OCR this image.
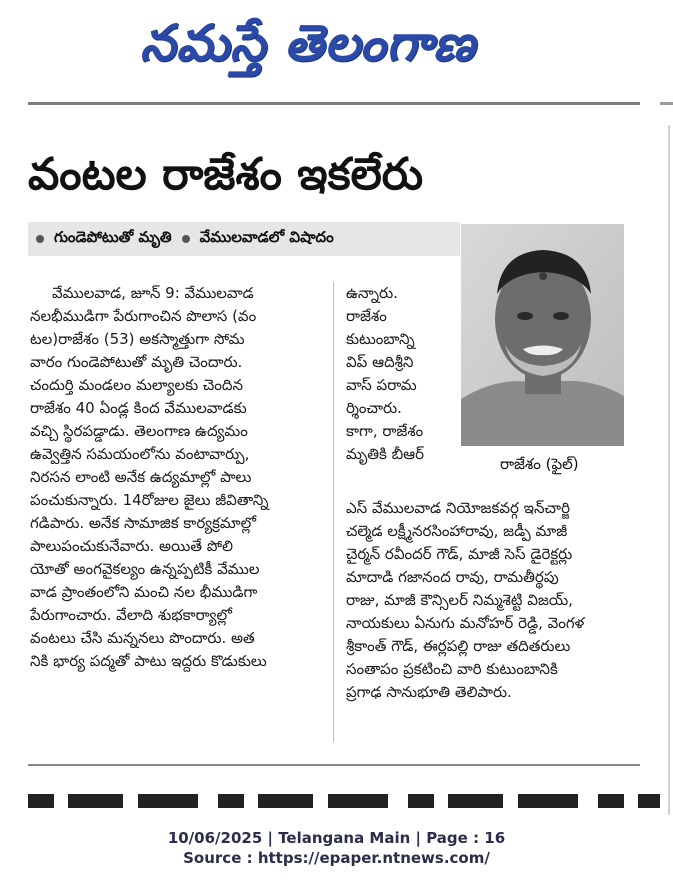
నమస్తే తెలంగాణ
వంటల రాజేశం ఇకలేరు
గుండెపోటుతో మృతి వేములవాడలో విషాదం
రాజేశం (ఫైల్)
వేములవాడ, జూన్ 9: వేములవాడ
నలభీముడిగా పేరుగాంచిన పొలాస (వం
టల)రాజేశం (53) అకస్మాత్తుగా సోమ
వారం గుండెపోటుతో మృతి చెందారు.
చందుర్తి మండలం మల్యాలకు చెందిన
రాజేశం 40 ఏండ్ల కింద వేములవాడకు
వచ్చి స్థిరపడ్డాడు. తెలంగాణ ఉద్యమం
ఉవ్వెత్తిన సమయంలోను వంటావార్పు,
నిరసన లాంటి అనేక ఉద్యమాల్లో పాలు
పంచుకున్నారు. 14రోజుల జైలు జీవితాన్ని
గడిపారు. అనేక సామాజిక కార్యక్రమాల్లో
పాలుపంచుకునేవారు. అయితే పోలి
యోతో అంగవైకల్యం ఉన్నప్పటికీ వేముల
వాడ ప్రాంతంలోని మంచి నల భీముడిగా
పేరుగాంచారు. వేలాది శుభకార్యాల్లో
వంటలు చేసి మన్ననలు పొందారు. అత
నికి భార్య పద్మతో పాటు ఇద్దరు కొడుకులు
ఉన్నారు.
రాజేశం
కుటుంబాన్ని
విప్ ఆదిశ్రీని
వాస్ పరామ
ర్శించారు.
కాగా, రాజేశం
మృతికి బీఆర్
ఎస్ వేములవాడ నియోజకవర్గ ఇన్‌చార్జి
చల్మెడ లక్ష్మీనరసింహారావు, జడ్పీ మాజీ
చైర్మన్ రవీందర్ గౌడ్, మాజీ సెస్ డైరెక్టర్లు
మాదాడి గజానంద రావు, రామతీర్థపు
రాజు, మాజీ కౌన్సిలర్ నిమ్మశెట్టి విజయ్,
నాయకులు ఏనుగు మనోహర్ రెడ్డి, వెంగళ
శ్రీకాంత్ గౌడ్, ఈర్లపల్లి రాజు తదితరులు
సంతాపం ప్రకటించి వారి కుటుంబానికి
ప్రగాఢ సానుభూతి తెలిపారు.
10/06/2025 | Telangana Main | Page : 16
Source : https://epaper.ntnews.com/
